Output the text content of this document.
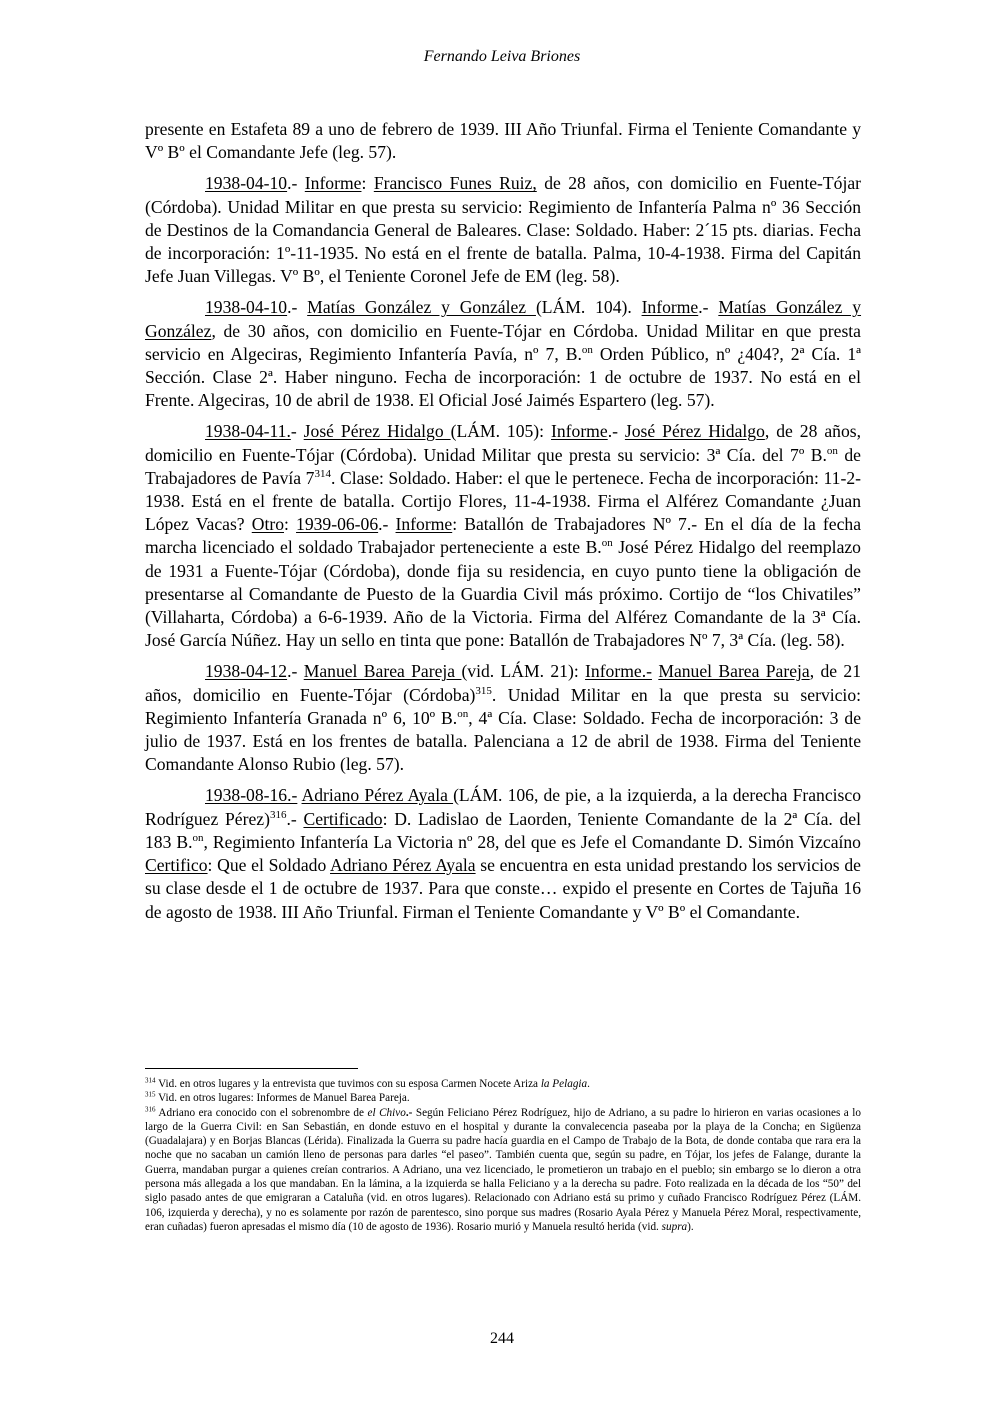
Fernando Leiva Briones

presente en Estafeta 89 a uno de febrero de 1939. III Año Triunfal. Firma el Teniente Comandante y Vº Bº el Comandante Jefe (leg. 57).

1938-04-10.- Informe: Francisco Funes Ruiz, de 28 años, con domicilio en Fuente-Tójar (Córdoba). Unidad Militar en que presta su servicio: Regimiento de Infantería Palma nº 36 Sección de Destinos de la Comandancia General de Baleares. Clase: Soldado. Haber: 2´15 pts. diarias. Fecha de incorporación: 1º-11-1935. No está en el frente de batalla. Palma, 10-4-1938. Firma del Capitán Jefe Juan Villegas. Vº Bº, el Teniente Coronel Jefe de EM (leg. 58).

1938-04-10.- Matías González y González (LÁM. 104). Informe.- Matías González y González, de 30 años, con domicilio en Fuente-Tójar en Córdoba. Unidad Militar en que presta servicio en Algeciras, Regimiento Infantería Pavía, nº 7, B.$^{on}$ Orden Público, nº ¿404?, 2ª Cía. 1ª Sección. Clase 2ª. Haber ninguno. Fecha de incorporación: 1 de octubre de 1937. No está en el Frente. Algeciras, 10 de abril de 1938. El Oficial José Jaimés Espartero (leg. 57).

1938-04-11.- José Pérez Hidalgo (LÁM. 105): Informe.- José Pérez Hidalgo, de 28 años, domicilio en Fuente-Tójar (Córdoba). Unidad Militar que presta su servicio: 3ª Cía. del 7º B.$^{on}$ de Trabajadores de Pavía $7^{314}$. Clase: Soldado. Haber: el que le pertenece. Fecha de incorporación: 11-2-1938. Está en el frente de batalla. Cortijo Flores, 11-4-1938. Firma el Alférez Comandante ¿Juan López Vacas? Otro: 1939-06-06.- Informe: Batallón de Trabajadores Nº 7.- En el día de la fecha marcha licenciado el soldado Trabajador perteneciente a este B.$^{on}$ José Pérez Hidalgo del reemplazo de 1931 a Fuente-Tójar (Córdoba), donde fija su residencia, en cuyo punto tiene la obligación de presentarse al Comandante de Puesto de la Guardia Civil más próximo. Cortijo de “los Chivatiles” (Villaharta, Córdoba) a 6-6-1939. Año de la Victoria. Firma del Alférez Comandante de la 3ª Cía. José García Núñez. Hay un sello en tinta que pone: Batallón de Trabajadores Nº 7, 3ª Cía. (leg. 58).

1938-04-12.- Manuel Barea Pareja (vid. LÁM. 21): Informe.- Manuel Barea Pareja, de 21 años, domicilio en Fuente-Tójar (Córdoba)$^{315}$. Unidad Militar en la que presta su servicio: Regimiento Infantería Granada nº 6, 10º B.$^{on}$, 4ª Cía. Clase: Soldado. Fecha de incorporación: 3 de julio de 1937. Está en los frentes de batalla. Palenciana a 12 de abril de 1938. Firma del Teniente Comandante Alonso Rubio (leg. 57).

1938-08-16.- Adriano Pérez Ayala (LÁM. 106, de pie, a la izquierda, a la derecha Francisco Rodríguez Pérez)$^{316}$.- Certificado: D. Ladislao de Laorden, Teniente Comandante de la 2ª Cía. del 183 B.$^{on}$, Regimiento Infantería La Victoria nº 28, del que es Jefe el Comandante D. Simón Vizcaíno Certifico: Que el Soldado Adriano Pérez Ayala se encuentra en esta unidad prestando los servicios de su clase desde el 1 de octubre de 1937. Para que conste… expido el presente en Cortes de Tajuña 16 de agosto de 1938. III Año Triunfal. Firman el Teniente Comandante y Vº Bº el Comandante.

$^{314}$ Vid. en otros lugares y la entrevista que tuvimos con su esposa Carmen Nocete Ariza la Pelagia.

$^{315}$ Vid. en otros lugares: Informes de Manuel Barea Pareja.

$^{316}$ Adriano era conocido con el sobrenombre de el Chivo.- Según Feliciano Pérez Rodríguez, hijo de Adriano, a su padre lo hirieron en varias ocasiones a lo largo de la Guerra Civil: en San Sebastián, en donde estuvo en el hospital y durante la convalecencia paseaba por la playa de la Concha; en Sigüenza (Guadalajara) y en Borjas Blancas (Lérida). Finalizada la Guerra su padre hacía guardia en el Campo de Trabajo de la Bota, de donde contaba que rara era la noche que no sacaban un camión lleno de personas para darles “el paseo”. También cuenta que, según su padre, en Tójar, los jefes de Falange, durante la Guerra, mandaban purgar a quienes creían contrarios. A Adriano, una vez licenciado, le prometieron un trabajo en el pueblo; sin embargo se lo dieron a otra persona más allegada a los que mandaban. En la lámina, a la izquierda se halla Feliciano y a la derecha su padre. Foto realizada en la década de los “50” del siglo pasado antes de que emigraran a Cataluña (vid. en otros lugares). Relacionado con Adriano está su primo y cuñado Francisco Rodríguez Pérez (LÁM. 106, izquierda y derecha), y no es solamente por razón de parentesco, sino porque sus madres (Rosario Ayala Pérez y Manuela Pérez Moral, respectivamente, eran cuñadas) fueron apresadas el mismo día (10 de agosto de 1936). Rosario murió y Manuela resultó herida (vid. supra).

244
